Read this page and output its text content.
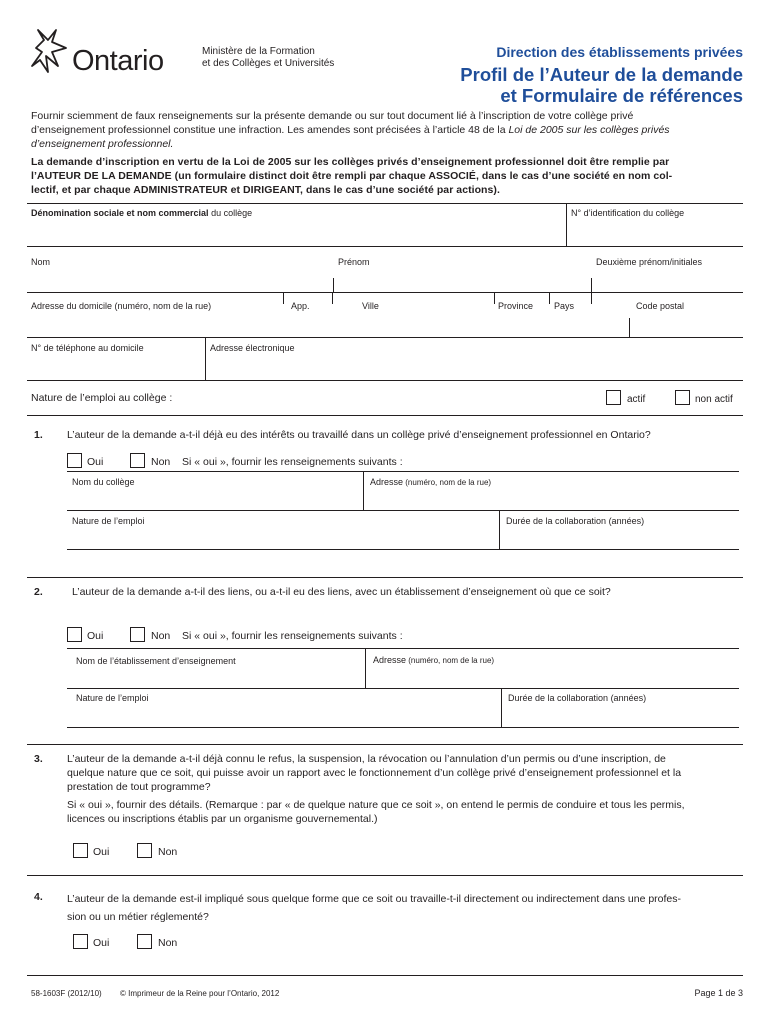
Ontario	Ministère de la Formation
et des Collèges et Universités
Direction des établissements privées
Profil de l’Auteur de la demande
et Formulaire de références
Fournir sciemment de faux renseignements sur la présente demande ou sur tout document lié à l’inscription de votre collège privé
d’enseignement professionnel constitue une infraction. Les amendes sont précisées à l’article 48 de la Loi de 2005 sur les collèges privés
d’enseignement professionnel.
La demande d’inscription en vertu de la Loi de 2005 sur les collèges privés d’enseignement professionnel doit être remplie par
l’AUTEUR DE LA DEMANDE (un formulaire distinct doit être rempli par chaque ASSOCIÉ, dans le cas d’une société en nom col-
lectif, et par chaque ADMINISTRATEUR et DIRIGEANT, dans le cas d’une société par actions).
Dénomination sociale et nom commercial du collège	N° d’identification du collège
Nom	Prénom	Deuxième prénom/initiales
Adresse du domicile (numéro, nom de la rue)	App.	Ville	Province Pays	Code postal
N° de téléphone au domicile	Adresse électronique
Nature de l’emploi au collège :	actif	non actif
1. L’auteur de la demande a-t-il déjà eu des intérêts ou travaillé dans un collège privé d’enseignement professionnel en Ontario?
Oui	Non Si « oui », fournir les renseignements suivants :
Nom du collège	Adresse (numéro, nom de la rue)
Nature de l’emploi	Durée de la collaboration (années)
2.	L’auteur de la demande a-t-il des liens, ou a-t-il eu des liens, avec un établissement d’enseignement où que ce soit?
Oui	Non Si « oui », fournir les renseignements suivants :
Nom de l’établissement d’enseignement	Adresse (numéro, nom de la rue)
Nature de l’emploi	Durée de la collaboration (années)
3. L’auteur de la demande a-t-il déjà connu le refus, la suspension, la révocation ou l’annulation d’un permis ou d’une inscription, de
quelque nature que ce soit, qui puisse avoir un rapport avec le fonctionnement d’un collège privé d’enseignement professionnel et la
prestation de tout programme?
Si « oui », fournir des détails. (Remarque : par « de quelque nature que ce soit », on entend le permis de conduire et tous les permis,
licences ou inscriptions établis par un organisme gouvernemental.)
Oui	Non
4. L’auteur de la demande est-il impliqué sous quelque forme que ce soit ou travaille-t-il directement ou indirectement dans une profes-
sion ou un métier réglementé?
Oui	Non
58-1603F (2012/10) © Imprimeur de la Reine pour l’Ontario, 2012	Page 1 de 3
